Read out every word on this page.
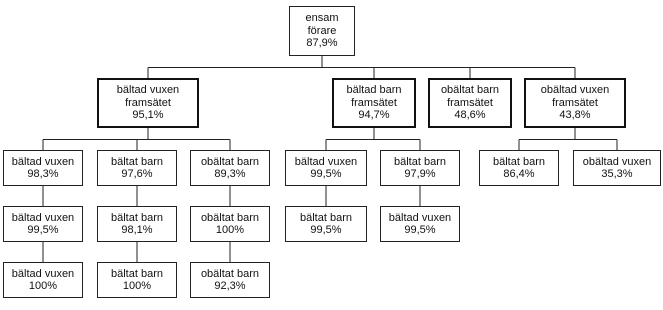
ensam
förare
87,9%
bältad vuxen
framsätet
95,1%
bältad barn
framsätet
94,7%
obältat barn
framsätet
48,6%
obältad vuxen
framsätet
43,8%
bältad vuxen
98,3%
bältat barn
97,6%
obältat barn
89,3%
bältad vuxen
99,5%
bältat barn
97,9%
bältat barn
86,4%
obältad vuxen
35,3%
bältad vuxen
99,5%
bältat barn
98,1%
obältat barn
100%
bältat barn
99,5%
bältad vuxen
99,5%
bältad vuxen
100%
bältat barn
100%
obältat barn
92,3%
